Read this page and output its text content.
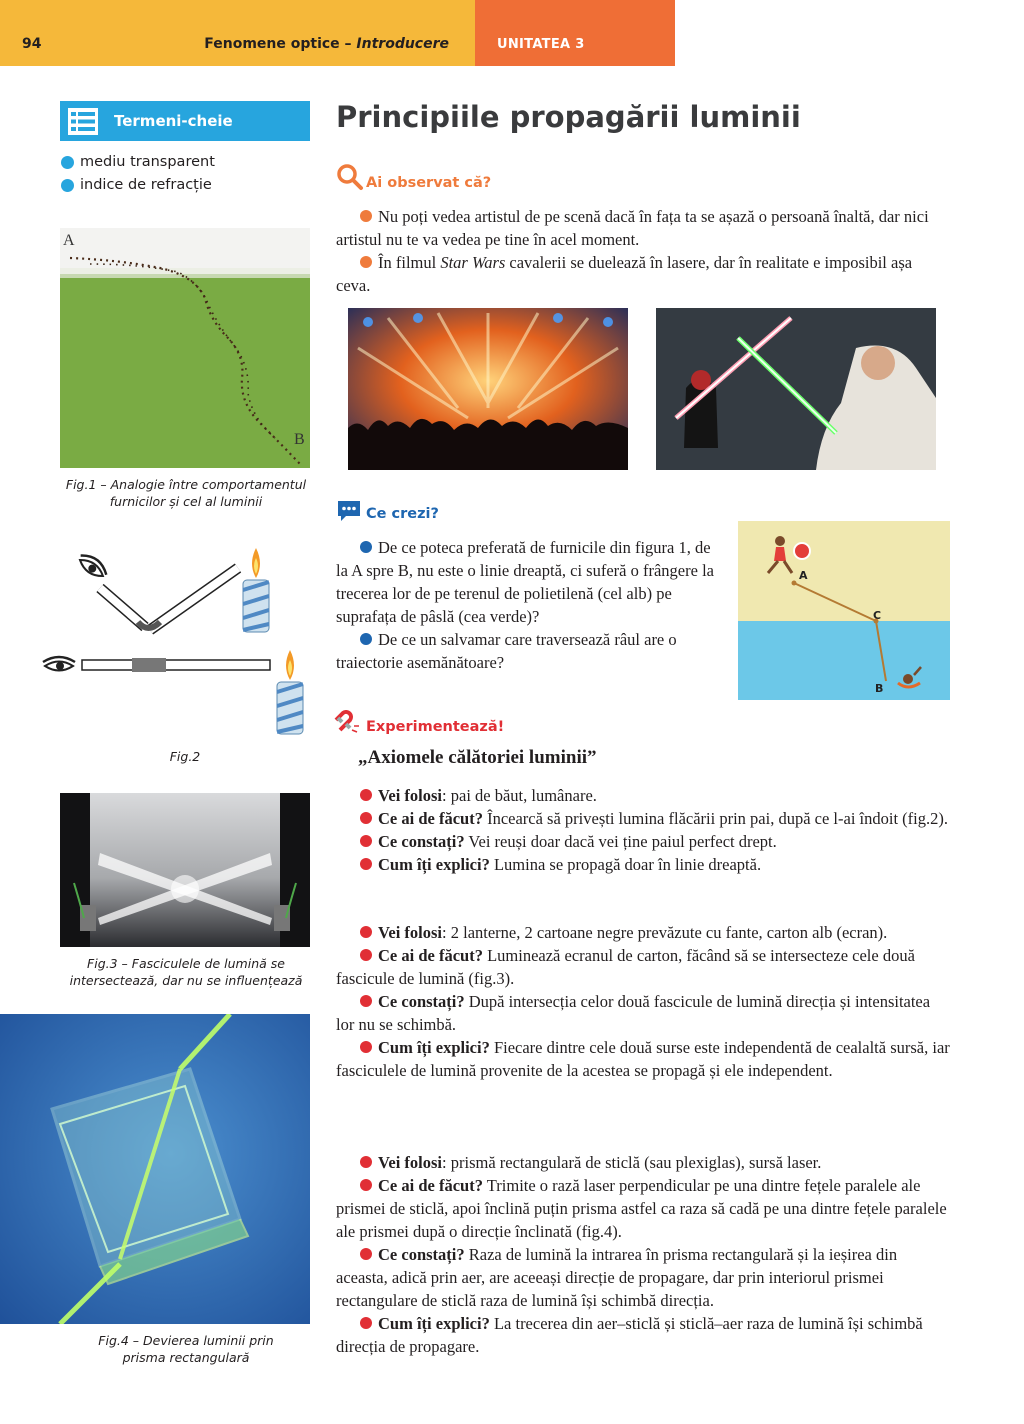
94	Fenomene optice – Introducere	UNITATEA 3
Termeni-cheie
mediu transparent
indice de refracție
A
B
Fig.1 – Analogie între comportamentul
furnicilor și cel al luminii
Fig.2
Fig.3 – Fasciculele de lumină se
intersectează, dar nu se influențează
Fig.4 – Devierea luminii prin
prisma rectangulară
Principiile propagării luminii
Ai observat că?

Nu poți vedea artistul de pe scenă dacă în fața ta se așază o persoană înaltă, dar nici artistul nu te va vedea pe tine în acel moment.

În filmul Star Wars cavalerii se duelează în lasere, dar în realitate e imposibil așa ceva.

Ce crezi?

De ce poteca preferată de furnicile din figura 1, de la A spre B, nu este o linie dreaptă, ci suferă o frângere la trecerea lor de pe terenul de polietilenă (cel alb) pe suprafața de pâslă (cea verde)?

De ce un salvamar care traversează râul are o traiectorie asemănătoare?

A
C
B
Experimentează!
„Axiomele călătoriei luminii”

Vei folosi: pai de băut, lumânare.

Ce ai de făcut? Încearcă să privești lumina flăcării prin pai, după ce l-ai îndoit (fig.2).

Ce constați? Vei reuși doar dacă vei ține paiul perfect drept.

Cum îți explici? Lumina se propagă doar în linie dreaptă.

Vei folosi: 2 lanterne, 2 cartoane negre prevăzute cu fante, carton alb (ecran).

Ce ai de făcut? Luminează ecranul de carton, făcând să se intersecteze cele două fascicule de lumină (fig.3).

Ce constați? După intersecția celor două fascicule de lumină direcția și intensitatea lor nu se schimbă.

Cum îți explici? Fiecare dintre cele două surse este independentă de cealaltă sursă, iar fasciculele de lumină provenite de la acestea se propagă și ele independent.

Vei folosi: prismă rectangulară de sticlă (sau plexiglas), sursă laser.

Ce ai de făcut? Trimite o rază laser perpendicular pe una dintre fețele paralele ale prismei de sticlă, apoi înclină puțin prisma astfel ca raza să cadă pe una dintre fețele paralele ale prismei după o direcție înclinată (fig.4).

Ce constați? Raza de lumină la intrarea în prisma rectangulară și la ieșirea din aceasta, adică prin aer, are aceeași direcție de propagare, dar prin interiorul prismei rectangulare de sticlă raza de lumină își schimbă direcția.

Cum îți explici? La trecerea din aer–sticlă și sticlă–aer raza de lumină își schimbă direcția de propagare.
